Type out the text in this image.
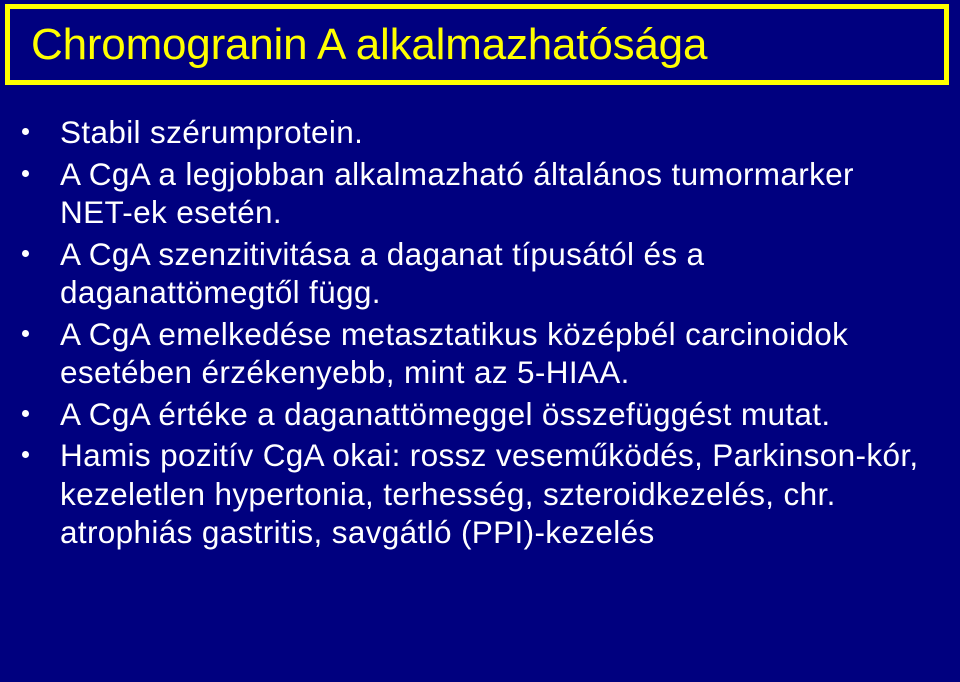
Chromogranin A alkalmazhatósága
Stabil szérumprotein.
A CgA a legjobban alkalmazható általános tumormarker NET-ek esetén.
A CgA szenzitivitása a daganat típusától és a daganattömegtől függ.
A CgA emelkedése metasztatikus középbél carcinoidok esetében érzékenyebb, mint az 5-HIAA.
A CgA értéke a daganattömeggel összefüggést mutat.
Hamis pozitív CgA okai: rossz veseműködés, Parkinson-kór, kezeletlen hypertonia, terhesség, szteroidkezelés, chr. atrophiás gastritis, savgátló (PPI)-kezelés
